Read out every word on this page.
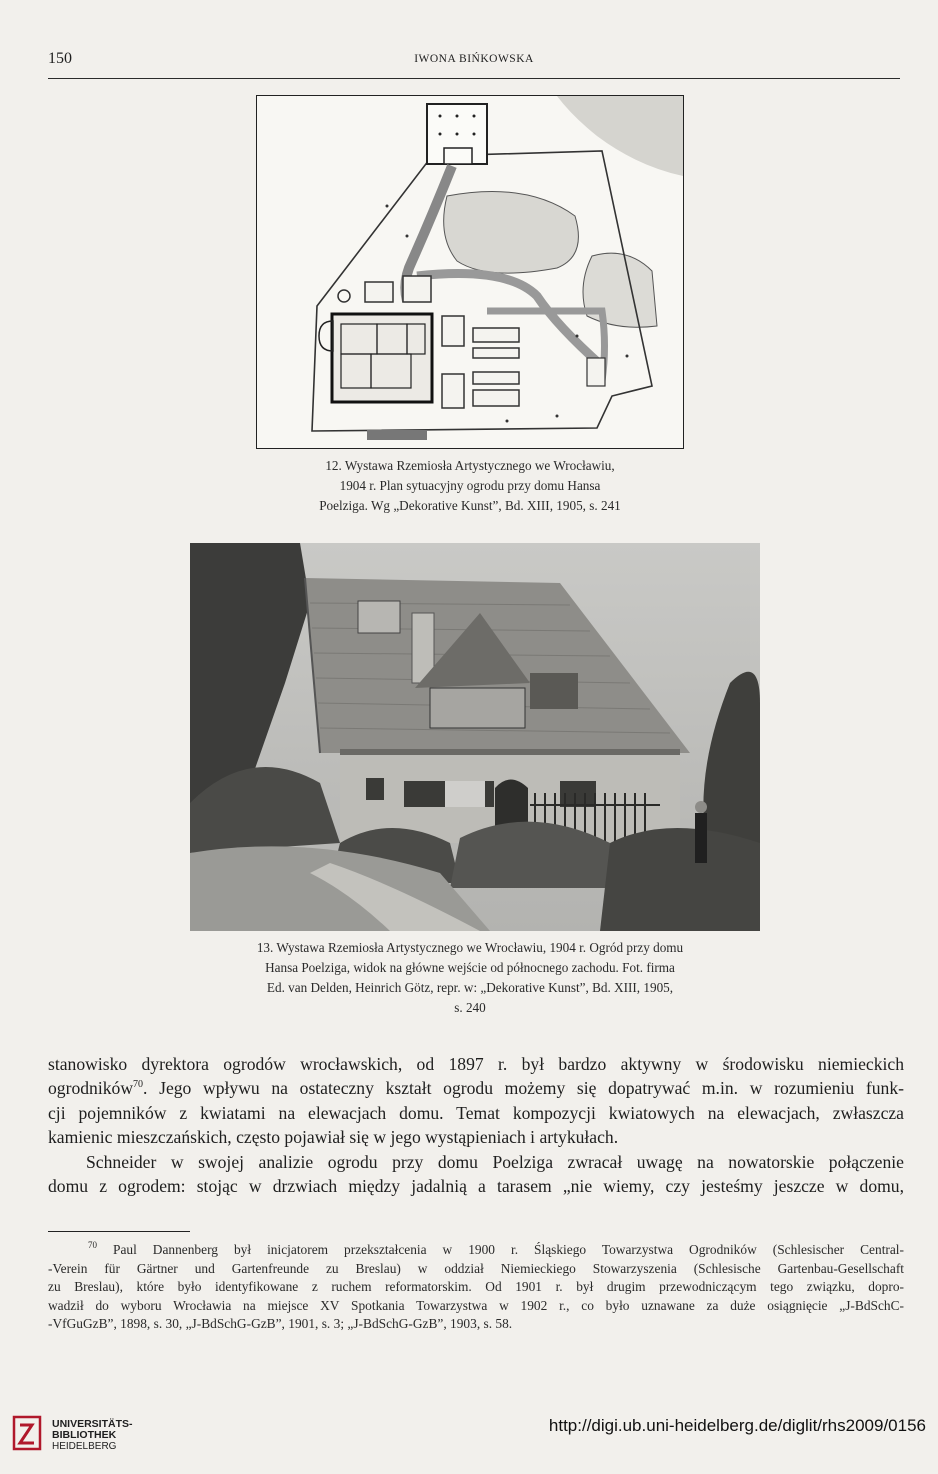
150	IWONA BIŃKOWSKA
12. Wystawa Rzemiosła Artystycznego we Wrocławiu,
1904 r. Plan sytuacyjny ogrodu przy domu Hansa
Poelziga. Wg „Dekorative Kunst”, Bd. XIII, 1905, s. 241
13. Wystawa Rzemiosła Artystycznego we Wrocławiu, 1904 r. Ogród przy domu
Hansa Poelziga, widok na główne wejście od północnego zachodu. Fot. firma
Ed. van Delden, Heinrich Götz, repr. w: „Dekorative Kunst”, Bd. XIII, 1905,
s. 240
stanowisko dyrektora ogrodów wrocławskich, od 1897 r. był bardzo aktywny w środowisku niemieckich
ogrodników$^{70}$. Jego wpływu na ostateczny kształt ogrodu możemy się dopatrywać m.in. w rozumieniu funk-
cji pojemników z kwiatami na elewacjach domu. Temat kompozycji kwiatowych na elewacjach, zwłaszcza
kamienic mieszczańskich, często pojawiał się w jego wystąpieniach i artykułach.
Schneider w swojej analizie ogrodu przy domu Poelziga zwracał uwagę na nowatorskie połączenie
domu z ogrodem: stojąc w drzwiach między jadalnią a tarasem „nie wiemy, czy jesteśmy jeszcze w domu,
$^{70}$ Paul Dannenberg był inicjatorem przekształcenia w 1900 r. Śląskiego Towarzystwa Ogrodników (Schlesischer Central-
-Verein für Gärtner und Gartenfreunde zu Breslau) w oddział Niemieckiego Stowarzyszenia (Schlesische Gartenbau-Gesellschaft
zu Breslau), które było identyfikowane z ruchem reformatorskim. Od 1901 r. był drugim przewodniczącym tego związku, dopro-
wadził do wyboru Wrocławia na miejsce XV Spotkania Towarzystwa w 1902 r., co było uznawane za duże osiągnięcie „J-BdSchC-
-VfGuGzB”, 1898, s. 30, „J-BdSchG-GzB”, 1901, s. 3; „J-BdSchG-GzB”, 1903, s. 58.
UNIVERSITÄTS-
BIBLIOTHEK
HEIDELBERG
http://digi.ub.uni-heidelberg.de/diglit/rhs2009/0156
